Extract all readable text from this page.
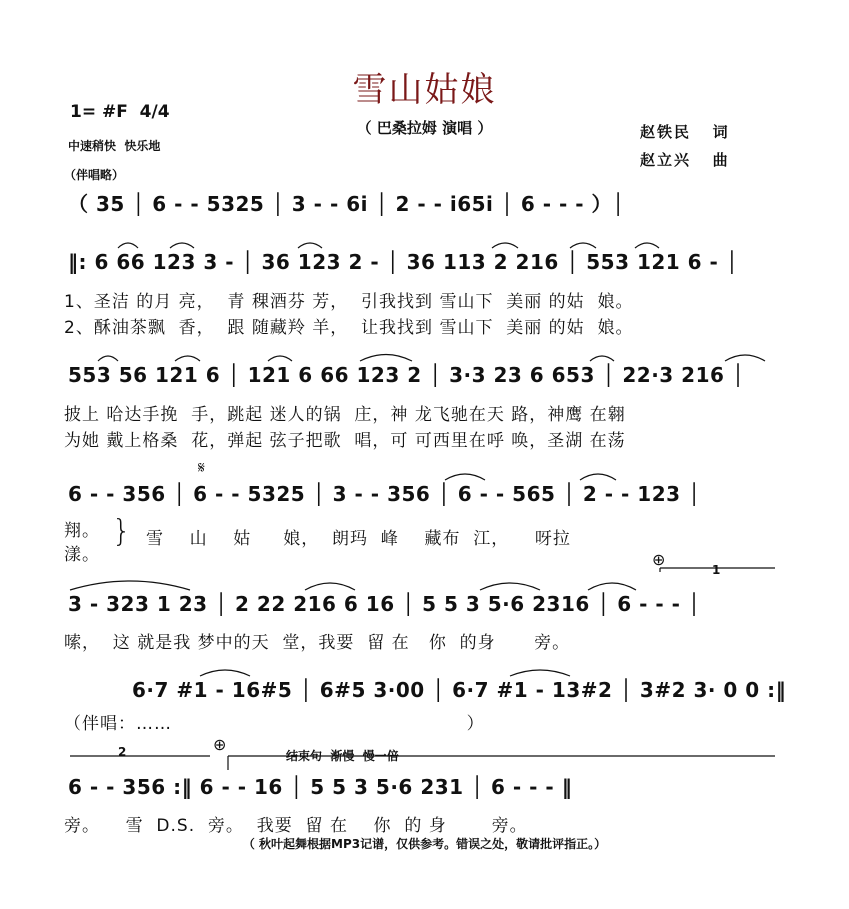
雪山姑娘
（ 巴桑拉姆 演唱 ）
1= #F  4/4
中速稍快  快乐地
（伴唱略）
赵铁民   词
赵立兴   曲
（ 35 │ 6 - - 5325 │ 3 - - 6i │ 2 - - i65i │ 6 - - - ）│
‖: 6 66 123 3 - │ 36 123 2 - │ 36 113 2 216 │ 553 121 6 - │
1、圣洁 的月 亮，  青 稞酒芬 芳，  引我找到 雪山下  美丽 的姑  娘。
2、酥油茶飘  香，  跟 随藏羚 羊，  让我找到 雪山下  美丽 的姑  娘。
553 56 121 6 │ 121 6 66 123 2 │ 3·3 23 6 653 │ 22·3 216 │
披上 哈达手挽  手，跳起 迷人的锅  庄，神 龙飞驰在天 路，神鹰 在翱
为她 戴上格桑  花，弹起 弦子把歌  唱，可 可西里在呼 唤，圣湖 在荡
𝄋
6 - - 356 │ 6 - - 5325 │ 3 - - 356 │ 6 - - 565 │ 2 - - 123 │
翔。
漾。
} 雪    山    姑     娘，  朗玛  峰    藏布  江，    呀拉
⊕
1
3 - 323 1 23 │ 2 22 216 6 16 │ 5 5 3 5·6 2316 │ 6 - - - │
嗦，  这 就是我 梦中的天  堂，我要  留 在   你  的身      旁。
6·7 #1 - 16#5 │ 6#5 3·00 │ 6·7 #1 - 13#2 │ 3#2 3· 0 0 :‖
（伴唱：……                                              ）
2	⊕
结束句  渐慢  慢一倍
6 - - 356 :‖ 6 - - 16 │ 5 5 3 5·6 231 │ 6 - - - ‖
旁。    雪  D.S.  旁。  我要  留 在    你  的 身       旁。
（ 秋叶起舞根据MP3记谱，仅供参考。错误之处，敬请批评指正。）
